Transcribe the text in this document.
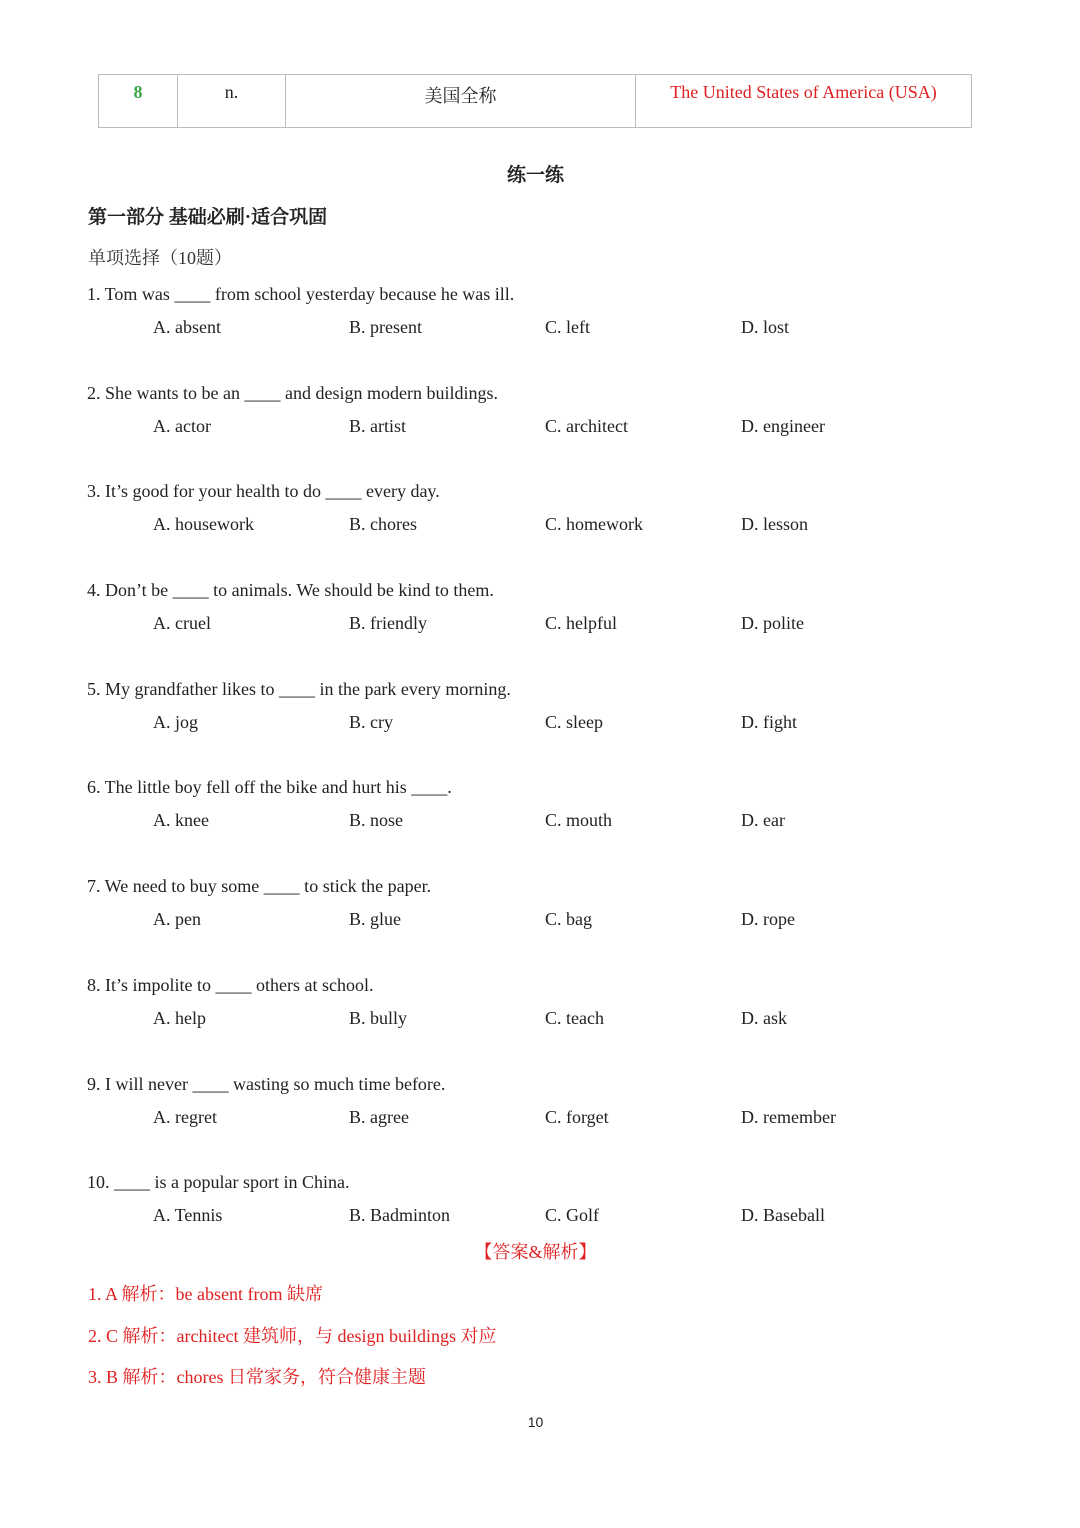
8	n.	美国全称	The United States of America (USA)
练一练
第一部分 基础必刷·适合巩固
单项选择（10题）
1. Tom was ____ from school yesterday because he was ill.
A. absent	B. present	C. left	D. lost
2. She wants to be an ____ and design modern buildings.
A. actor	B. artist	C. architect	D. engineer
3. It’s good for your health to do ____ every day.
A. housework	B. chores	C. homework	D. lesson
4. Don’t be ____ to animals. We should be kind to them.
A. cruel	B. friendly	C. helpful	D. polite
5. My grandfather likes to ____ in the park every morning.
A. jog	B. cry	C. sleep	D. fight
6. The little boy fell off the bike and hurt his ____.
A. knee	B. nose	C. mouth	D. ear
7. We need to buy some ____ to stick the paper.
A. pen	B. glue	C. bag	D. rope
8. It’s impolite to ____ others at school.
A. help	B. bully	C. teach	D. ask
9. I will never ____ wasting so much time before.
A. regret	B. agree	C. forget	D. remember
10. ____ is a popular sport in China.
A. Tennis	B. Badminton	C. Golf	D. Baseball
【答案&解析】
1. A 解析：be absent from 缺席
2. C 解析：architect 建筑师，与 design buildings 对应
3. B 解析：chores 日常家务，符合健康主题
10
